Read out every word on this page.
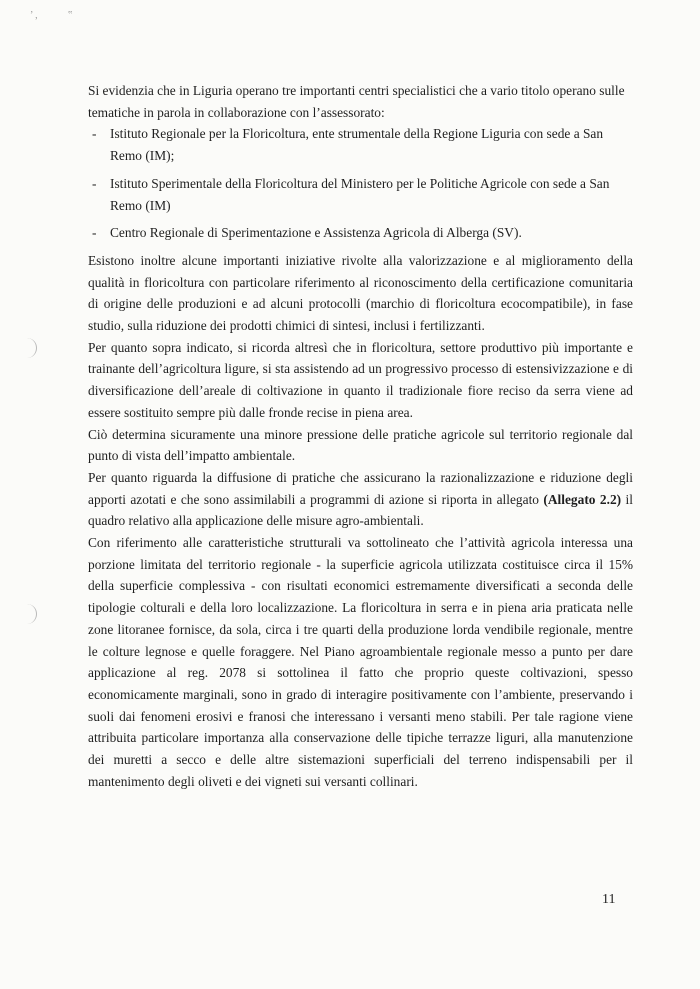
’ ,	‟

Si evidenzia che in Liguria operano tre importanti centri specialistici che a vario titolo operano sulle tematiche in parola in collaborazione con l’assessorato:

- Istituto Regionale per la Floricoltura, ente strumentale della Regione Liguria con sede a San Remo (IM);
- Istituto Sperimentale della Floricoltura del Ministero per le Politiche Agricole con sede a San Remo (IM)
- Centro Regionale di Sperimentazione e Assistenza Agricola di Alberga (SV).

Esistono inoltre alcune importanti iniziative rivolte alla valorizzazione e al miglioramento della qualità in floricoltura con particolare riferimento al riconoscimento della certificazione comunitaria di origine delle produzioni e ad alcuni protocolli (marchio di floricoltura ecocompatibile), in fase studio, sulla riduzione dei prodotti chimici di sintesi, inclusi i fertilizzanti.

Per quanto sopra indicato, si ricorda altresì che in floricoltura, settore produttivo più importante e trainante dell’agricoltura ligure, si sta assistendo ad un progressivo processo di estensivizzazione e di diversificazione dell’areale di coltivazione in quanto il tradizionale fiore reciso da serra viene ad essere sostituito sempre più dalle fronde recise in piena area.

Ciò determina sicuramente una minore pressione delle pratiche agricole sul territorio regionale dal punto di vista dell’impatto ambientale.

Per quanto riguarda la diffusione di pratiche che assicurano la razionalizzazione e riduzione degli apporti azotati e che sono assimilabili a programmi di azione si riporta in allegato (Allegato 2.2) il quadro relativo alla applicazione delle misure agro-ambientali.

Con riferimento alle caratteristiche strutturali va sottolineato che l’attività agricola interessa una porzione limitata del territorio regionale - la superficie agricola utilizzata costituisce circa il 15% della superficie complessiva - con risultati economici estremamente diversificati a seconda delle tipologie colturali e della loro localizzazione. La floricoltura in serra e in piena aria praticata nelle zone litoranee fornisce, da sola, circa i tre quarti della produzione lorda vendibile regionale, mentre le colture legnose e quelle foraggere. Nel Piano agroambientale regionale messo a punto per dare applicazione al reg. 2078 si sottolinea il fatto che proprio queste coltivazioni, spesso economicamente marginali, sono in grado di interagire positivamente con l’ambiente, preservando i suoli dai fenomeni erosivi e franosi che interessano i versanti meno stabili. Per tale ragione viene attribuita particolare importanza alla conservazione delle tipiche terrazze liguri, alla manutenzione dei muretti a secco e delle altre sistemazioni superficiali del terreno indispensabili per il mantenimento degli oliveti e dei vigneti sui versanti collinari.

11
